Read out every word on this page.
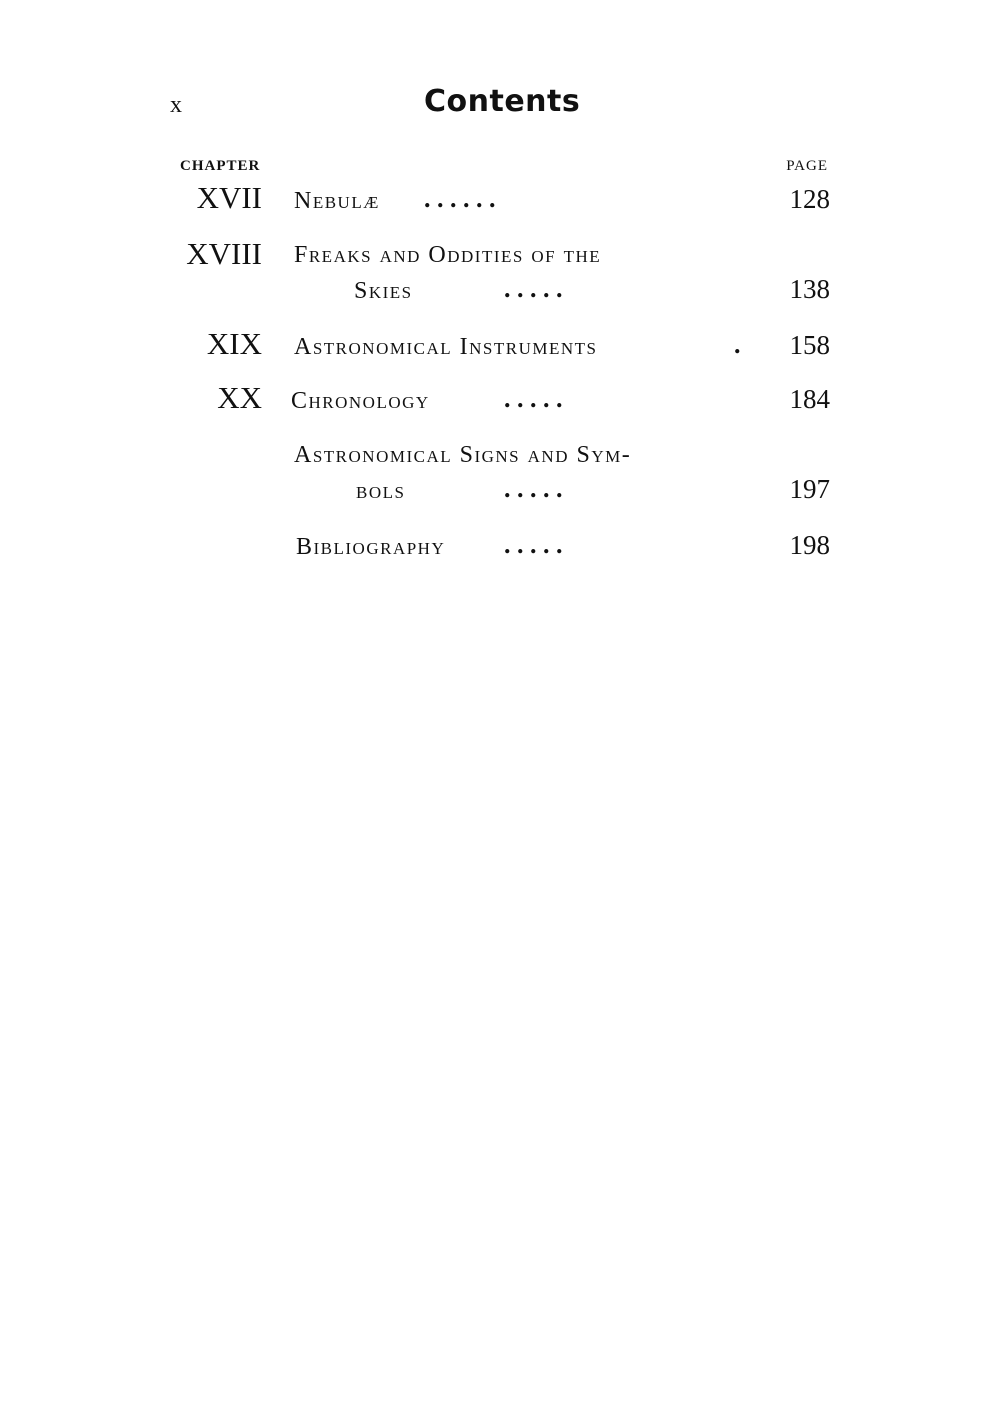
x	Contents
CHAPTER	PAGE
XVII Nebulæ . . . . . .	128
XVIII Freaks and Oddities of the
Skies	. . . . .	138
XIX Astronomical Instruments	. 158
XX Chronology	. . . . .	184
Astronomical Signs and Sym-
bols	. . . . .	197
Bibliography . . . . .	198
